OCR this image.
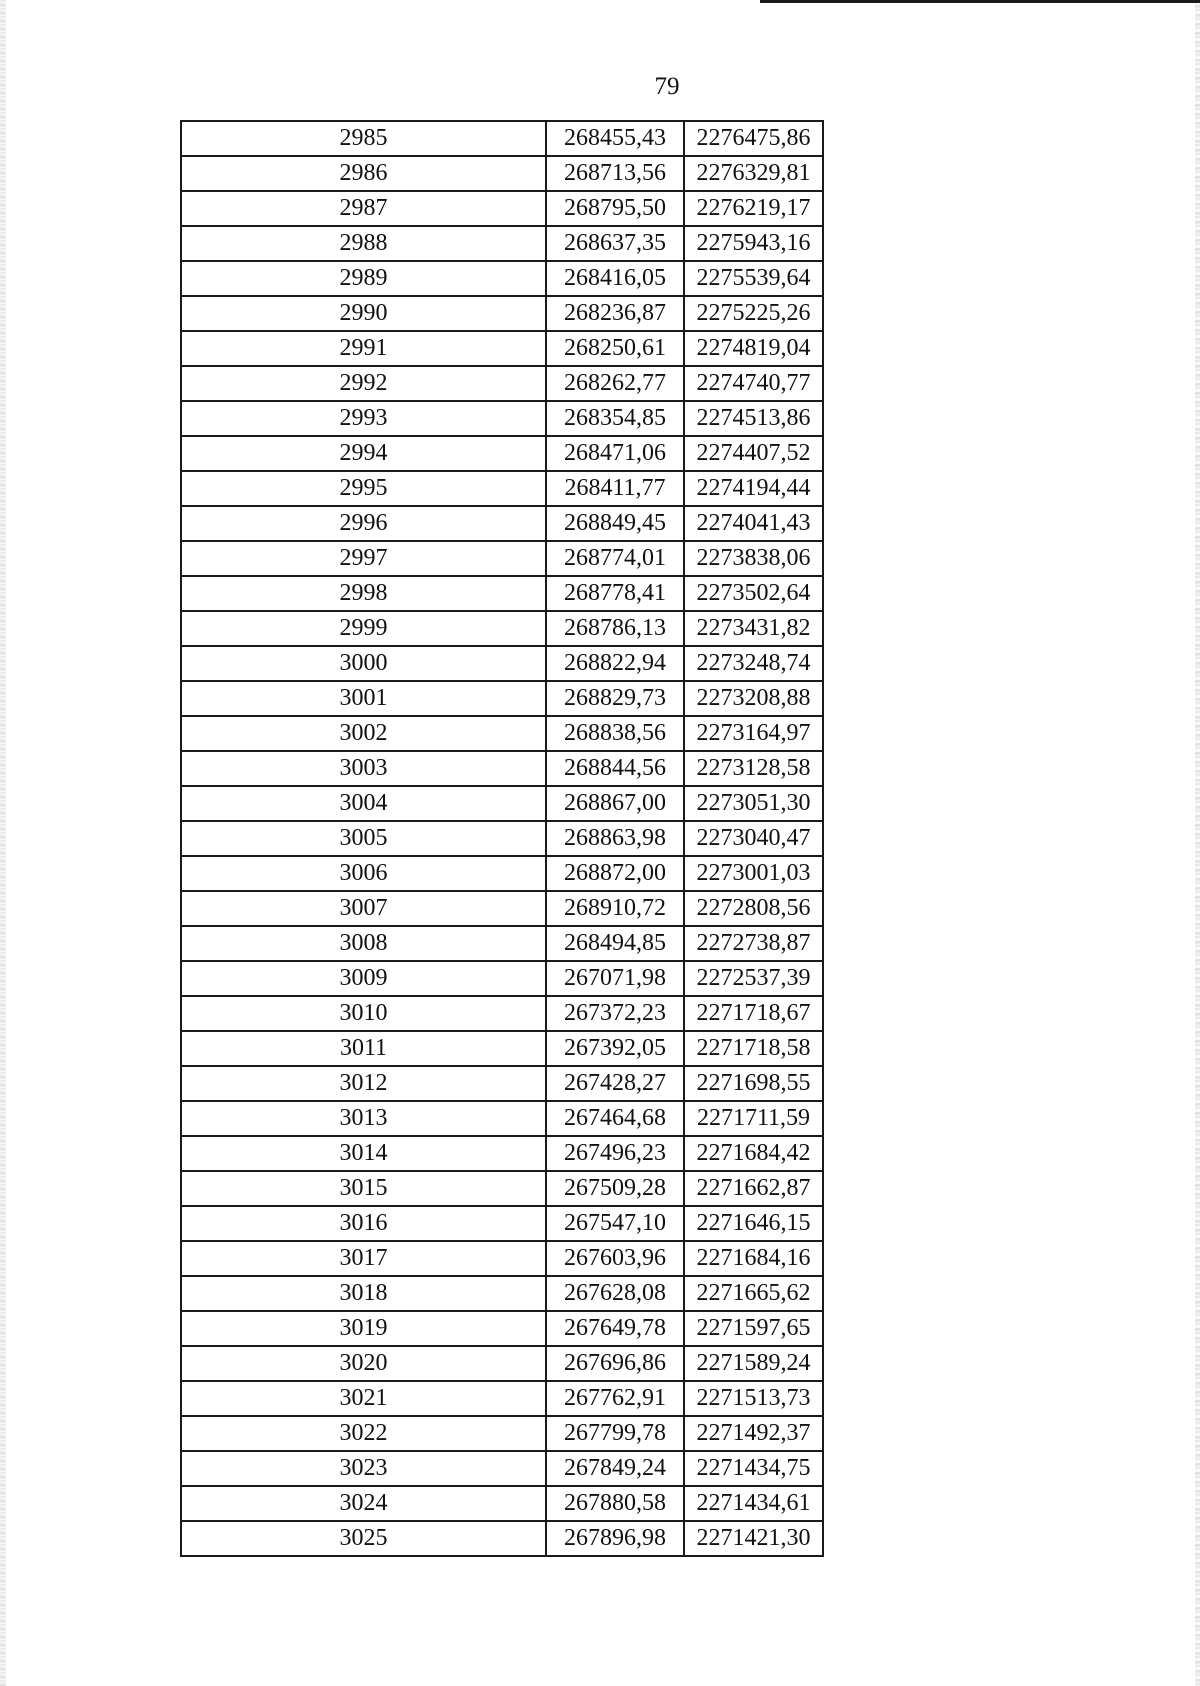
79
2985	268455,43	2276475,86
2986	268713,56	2276329,81
2987	268795,50	2276219,17
2988	268637,35	2275943,16
2989	268416,05	2275539,64
2990	268236,87	2275225,26
2991	268250,61	2274819,04
2992	268262,77	2274740,77
2993	268354,85	2274513,86
2994	268471,06	2274407,52
2995	268411,77	2274194,44
2996	268849,45	2274041,43
2997	268774,01	2273838,06
2998	268778,41	2273502,64
2999	268786,13	2273431,82
3000	268822,94	2273248,74
3001	268829,73	2273208,88
3002	268838,56	2273164,97
3003	268844,56	2273128,58
3004	268867,00	2273051,30
3005	268863,98	2273040,47
3006	268872,00	2273001,03
3007	268910,72	2272808,56
3008	268494,85	2272738,87
3009	267071,98	2272537,39
3010	267372,23	2271718,67
3011	267392,05	2271718,58
3012	267428,27	2271698,55
3013	267464,68	2271711,59
3014	267496,23	2271684,42
3015	267509,28	2271662,87
3016	267547,10	2271646,15
3017	267603,96	2271684,16
3018	267628,08	2271665,62
3019	267649,78	2271597,65
3020	267696,86	2271589,24
3021	267762,91	2271513,73
3022	267799,78	2271492,37
3023	267849,24	2271434,75
3024	267880,58	2271434,61
3025	267896,98	2271421,30
